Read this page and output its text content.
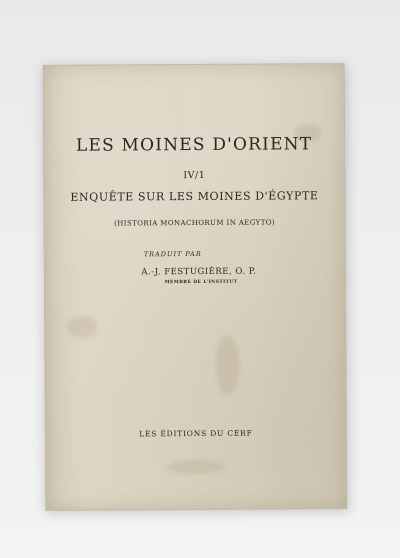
LES MOINES D'ORIENT
IV/1
ENQUÊTE SUR LES MOINES D'ÉGYPTE
(HISTORIA MONACHORUM IN AEGYTO)
TRADUIT PAR
A.-J. FESTUGIÈRE, O. P.
MEMBRE DE L'INSTITUT
LES ÉDITIONS DU CERF
